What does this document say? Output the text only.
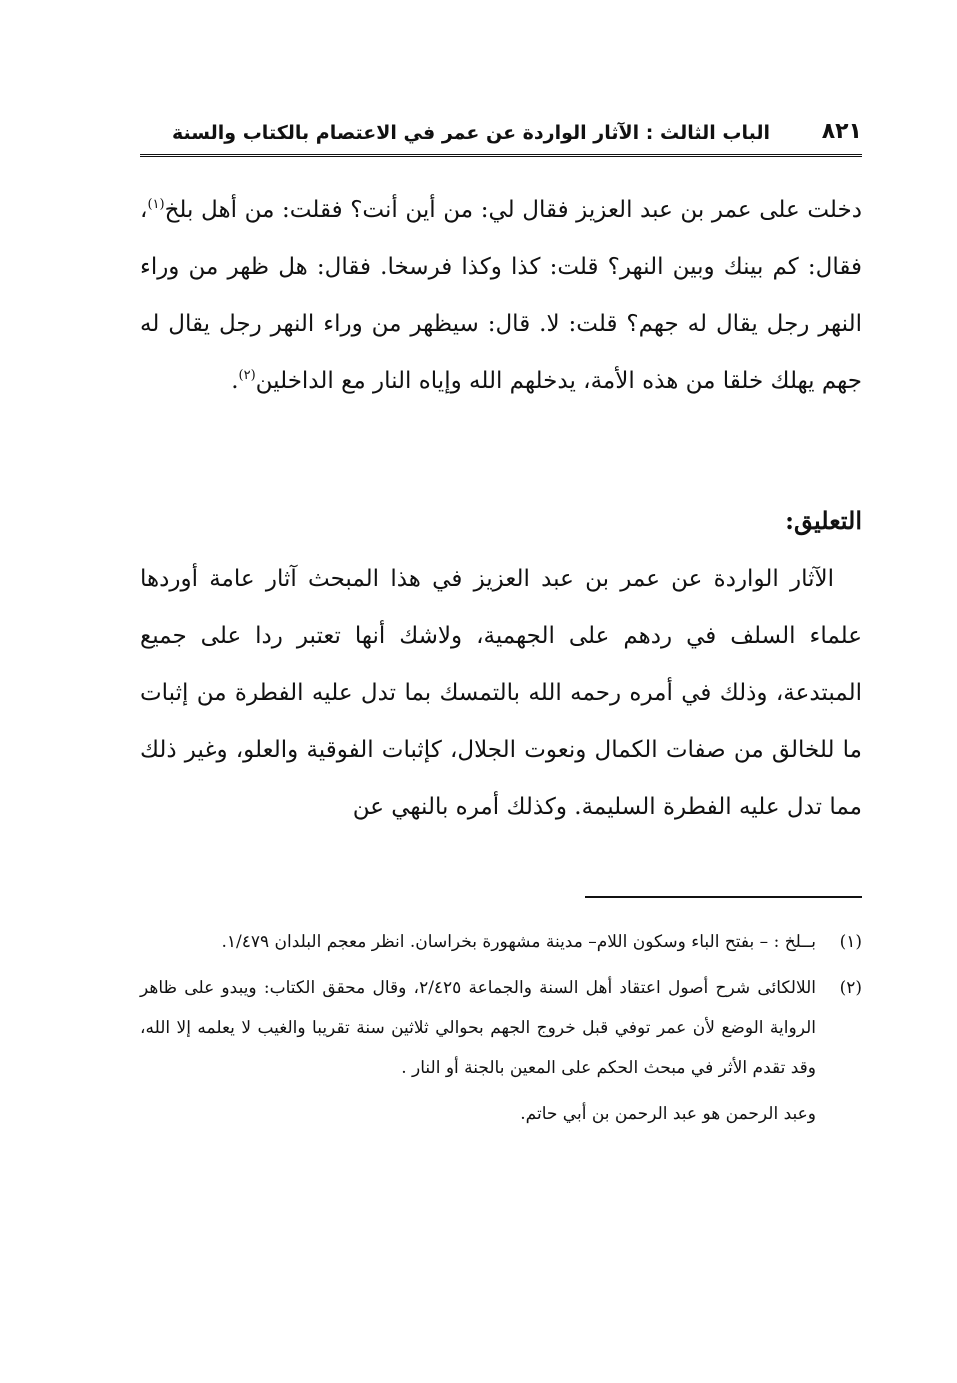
٨٢١
الباب الثالث : الآثار الواردة عن عمر في الاعتصام بالكتاب والسنة
دخلت على عمر بن عبد العزيز فقال لي: من أين أنت؟ فقلت: من أهل بلخ$^{(١)}$، فقال: كم بينك وبين النهر؟ قلت: كذا وكذا فرسخا. فقال: هل ظهر من وراء النهر رجل يقال له جهم؟ قلت: لا. قال: سيظهر من وراء النهر رجل يقال له جهم يهلك خلقا من هذه الأمة، يدخلهم الله وإياه النار مع الداخلين$^{(٢)}$.
التعليق:
الآثار الواردة عن عمر بن عبد العزيز في هذا المبحث آثار عامة أوردها علماء السلف في ردهم على الجهمية، ولاشك أنها تعتبر ردا على جميع المبتدعة، وذلك في أمره رحمه الله بالتمسك بما تدل عليه الفطرة من إثبات ما للخالق من صفات الكمال ونعوت الجلال، كإثبات الفوقية والعلو، وغير ذلك مما تدل عليه الفطرة السليمة. وكذلك أمره بالنهي عن
(١)
بــلخ : – بفتح الباء وسكون اللام– مدينة مشهورة بخراسان. انظر معجم البلدان ١/٤٧٩.
(٢)
اللالكائى شرح أصول اعتقاد أهل السنة والجماعة ٢/٤٢٥، وقال محقق الكتاب: ويبدو على ظاهر الرواية الوضع لأن عمر توفي قبل خروج الجهم بحوالي ثلاثين سنة تقريبا والغيب لا يعلمه إلا الله، وقد تقدم الأثر في مبحث الحكم على المعين بالجنة أو النار .
وعبد الرحمن هو عبد الرحمن بن أبي حاتم.
